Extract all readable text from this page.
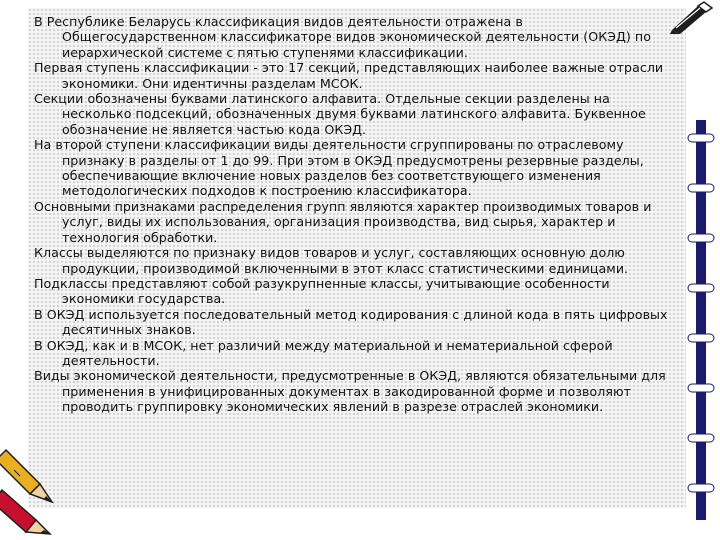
В Республике Беларусь классификация видов деятельности отражена в Общегосударственном классификаторе видов экономической деятельности (ОКЭД) по иерархической системе с пятью ступенями классификации.

Первая ступень классификации - это 17 секций, представляющих наиболее важные отрасли экономики. Они идентичны разделам МСОК.

Секции обозначены буквами латинского алфавита. Отдельные секции разделены на несколько подсекций, обозначенных двумя буквами латинского алфавита. Буквенное обозначение не является частью кода ОКЭД.

На второй ступени классификации виды деятельности сгруппированы по отраслевому признаку в разделы от 1 до 99. При этом в ОКЭД предусмотрены резервные разделы, обеспечивающие включение новых разделов без соответствующего изменения методологических подходов к построению классификатора.

Основными признаками распределения групп являются характер производимых товаров и услуг, виды их использования, организация производства, вид сырья, характер и технология обработки.

Классы выделяются по признаку видов товаров и услуг, составляющих основную долю продукции, производимой включенными в этот класс статистическими единицами.

Подклассы представляют собой разукрупненные классы, учитывающие особенности экономики государства.

В ОКЭД используется последовательный метод кодирования с длиной кода в пять цифровых десятичных знаков.

В ОКЭД, как и в МСОК, нет различий между материальной и нематериальной сферой деятельности.

Виды экономической деятельности, предусмотренные в ОКЭД, являются обязательными для применения в унифицированных документах в закодированной форме и позволяют проводить группировку экономических явлений в разрезе отраслей экономики.
